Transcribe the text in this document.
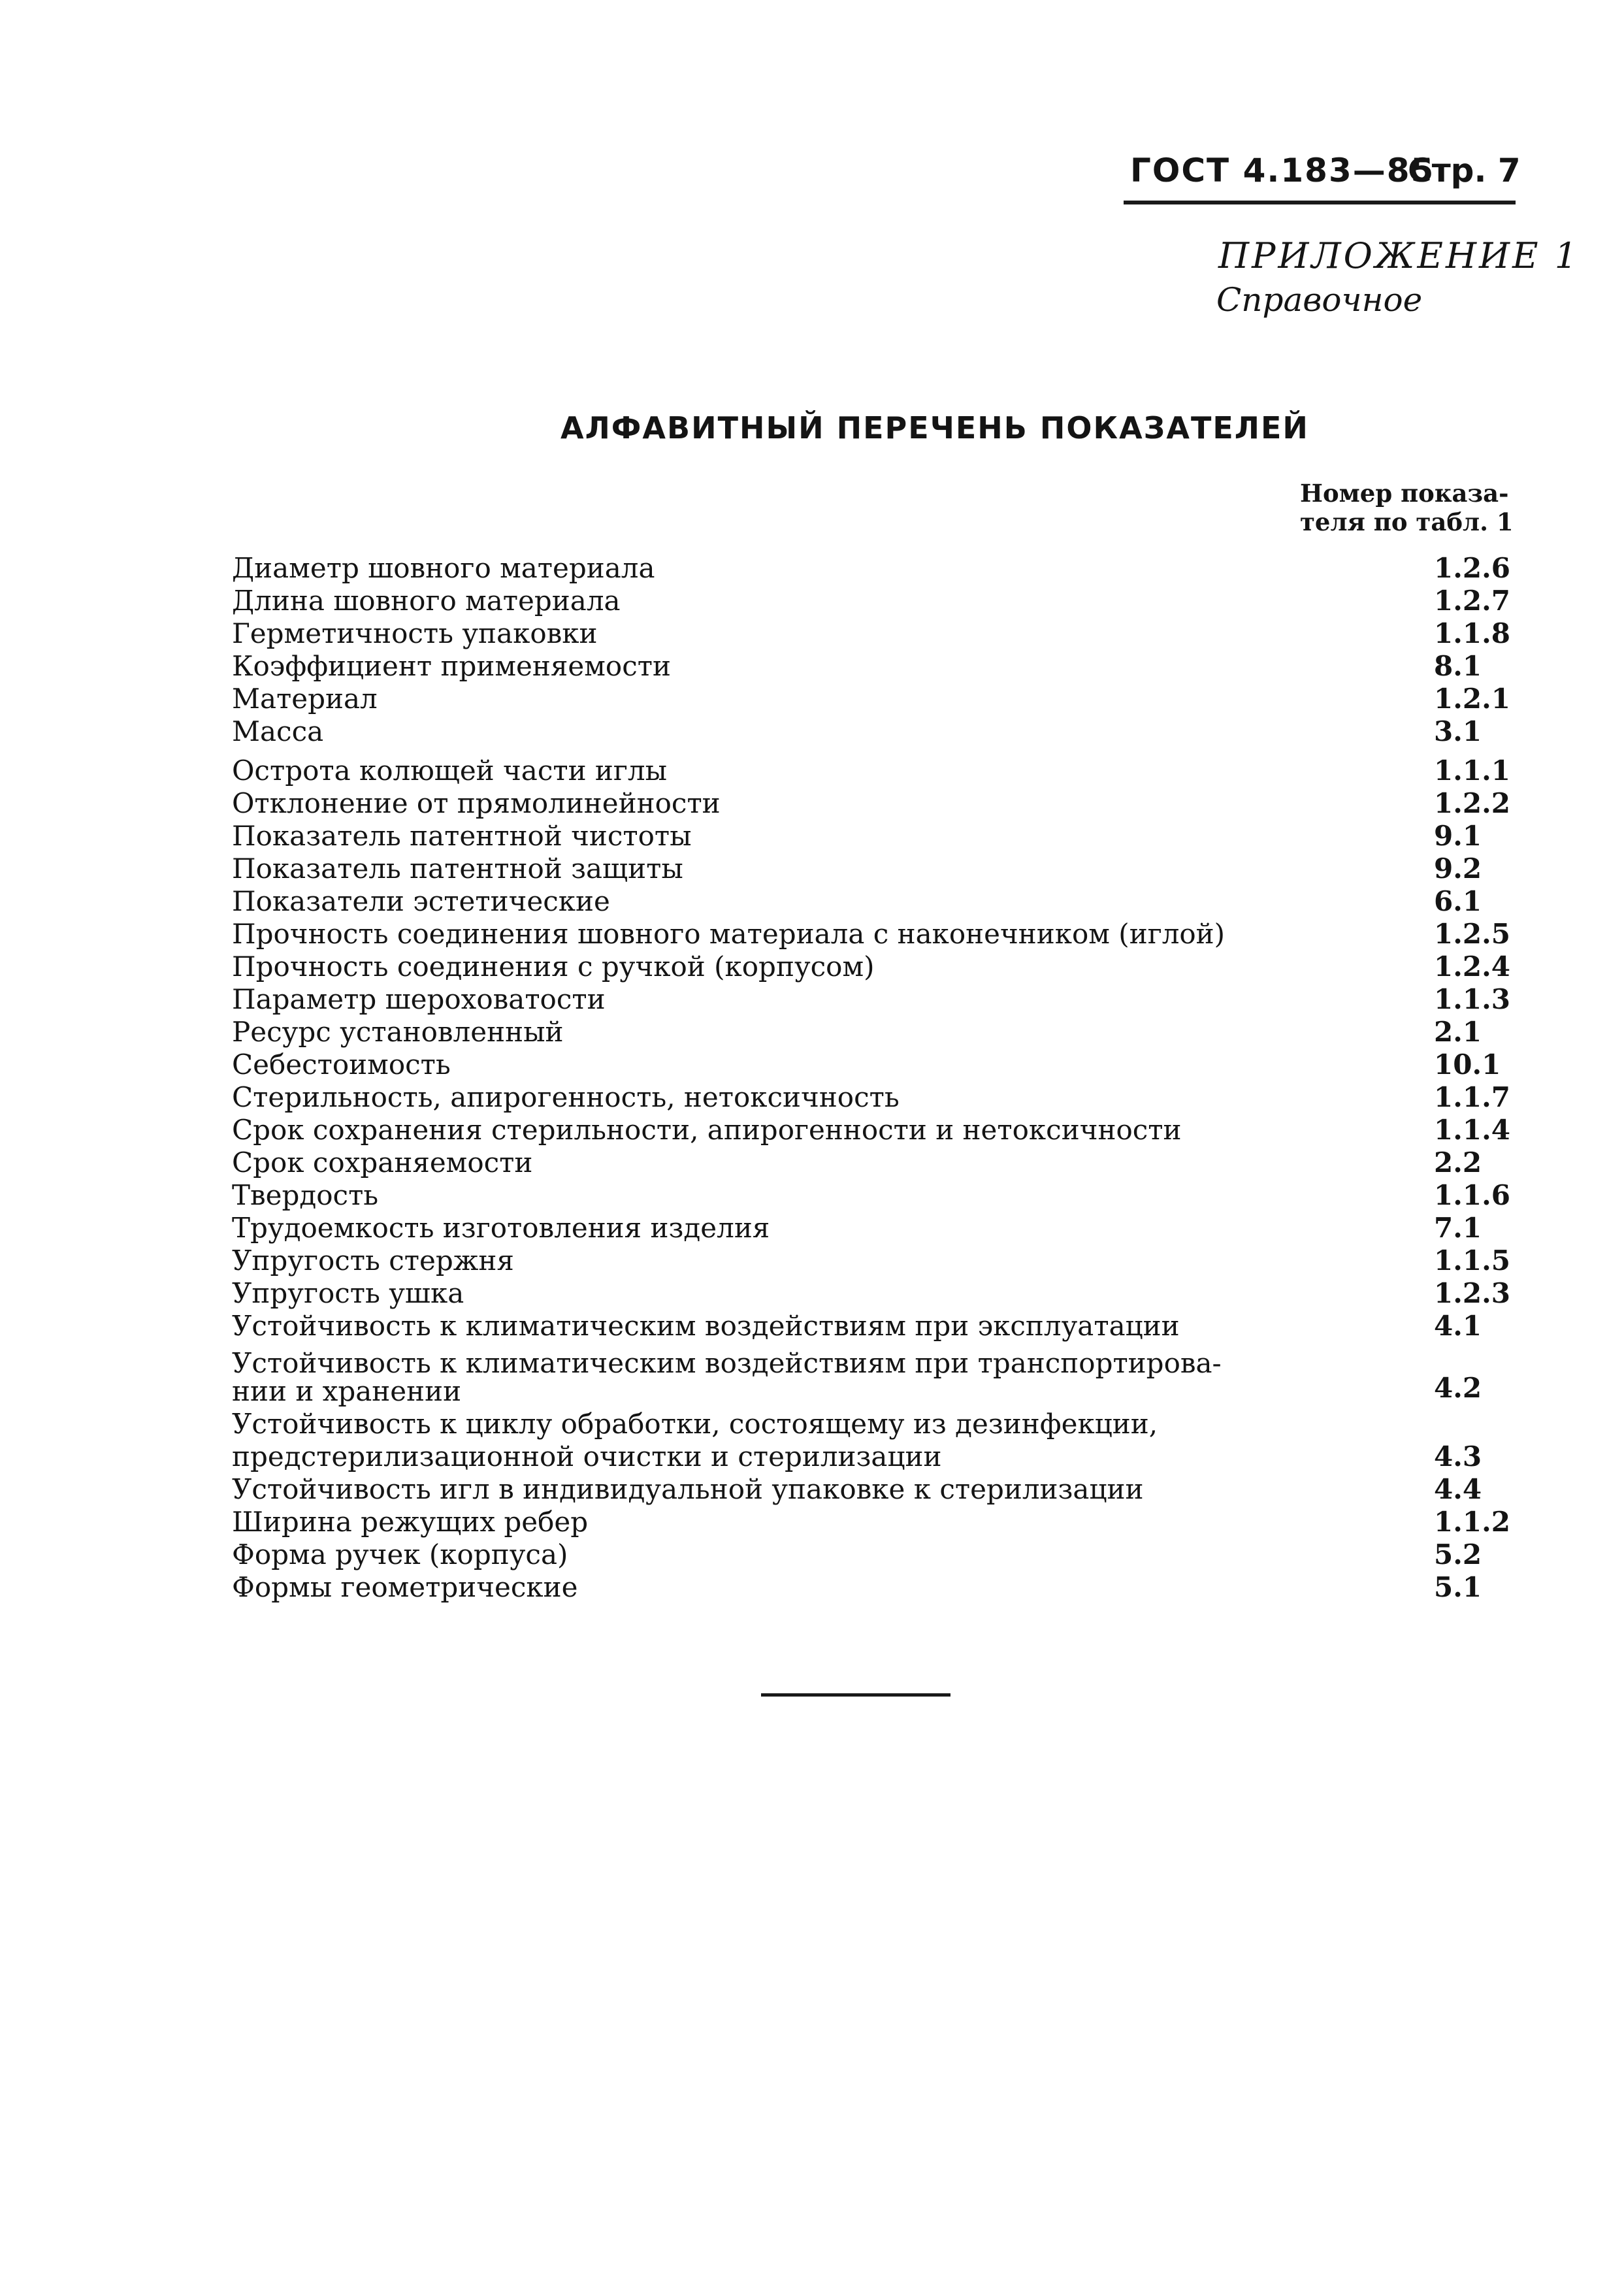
ГОСТ 4.183—85
Стр. 7
ПРИЛОЖЕНИЕ 1
Справочное
АЛФАВИТНЫЙ ПЕРЕЧЕНЬ ПОКАЗАТЕЛЕЙ
Номер показа-
теля по табл. 1
Диаметр шовного материала	1.2.6
Длина шовного материала	1.2.7
Герметичность упаковки	1.1.8
Коэффициент применяемости	8.1
Материал	1.2.1
Масса	3.1
Острота колющей части иглы	1.1.1
Отклонение от прямолинейности	1.2.2
Показатель патентной чистоты	9.1
Показатель патентной защиты	9.2
Показатели эстетические	6.1
Прочность соединения шовного материала с наконечником (иглой)	1.2.5
Прочность соединения с ручкой (корпусом)	1.2.4
Параметр шероховатости	1.1.3
Ресурс установленный	2.1
Себестоимость	10.1
Стерильность, апирогенность, нетоксичность	1.1.7
Срок сохранения стерильности, апирогенности и нетоксичности	1.1.4
Срок сохраняемости	2.2
Твердость	1.1.6
Трудоемкость изготовления изделия	7.1
Упругость стержня	1.1.5
Упругость ушка	1.2.3
Устойчивость к климатическим воздействиям при эксплуатации	4.1
Устойчивость к климатическим воздействиям при транспортирова-
нии и хранении	4.2
Устойчивость к циклу обработки, состоящему из дезинфекции,
предстерилизационной очистки и стерилизации	4.3
Устойчивость игл в индивидуальной упаковке к стерилизации	4.4
Ширина режущих ребер	1.1.2
Форма ручек (корпуса)	5.2
Формы геометрические	5.1
